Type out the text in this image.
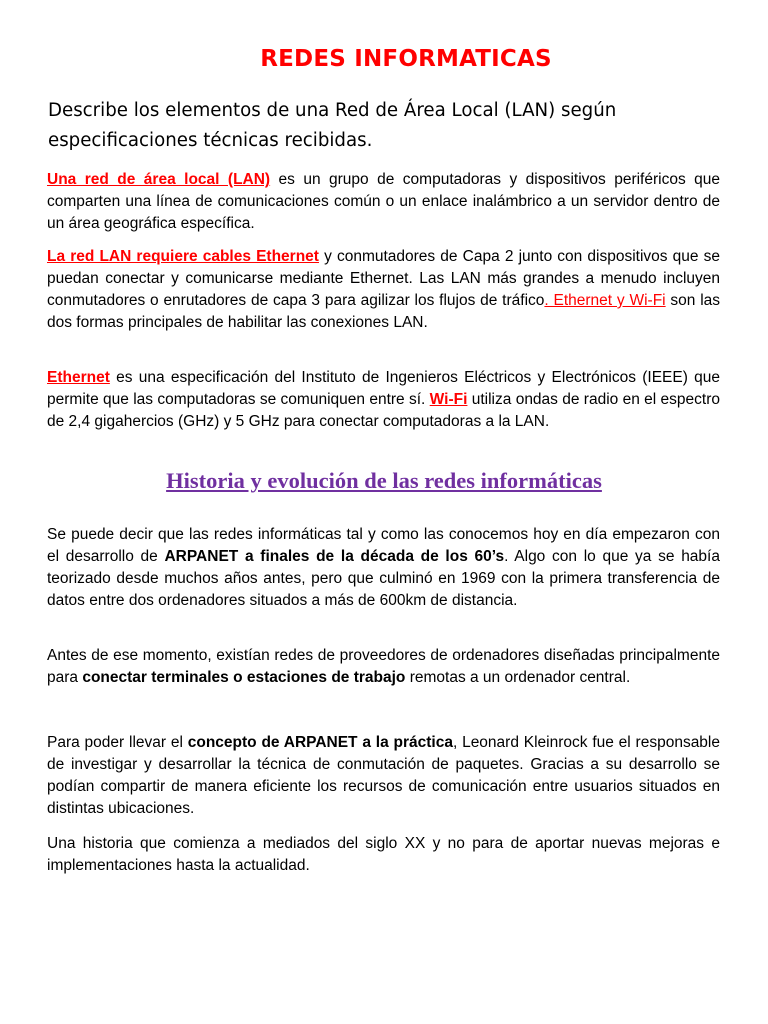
REDES INFORMATICAS
Describe los elementos de una Red de Área Local (LAN) según especificaciones técnicas recibidas.
Una red de área local (LAN) es un grupo de computadoras y dispositivos periféricos que comparten una línea de comunicaciones común o un enlace inalámbrico a un servidor dentro de un área geográfica específica.
La red LAN requiere cables Ethernet y conmutadores de Capa 2 junto con dispositivos que se puedan conectar y comunicarse mediante Ethernet. Las LAN más grandes a menudo incluyen conmutadores o enrutadores de capa 3 para agilizar los flujos de tráfico. Ethernet y Wi-Fi son las dos formas principales de habilitar las conexiones LAN.
Ethernet es una especificación del Instituto de Ingenieros Eléctricos y Electrónicos (IEEE) que permite que las computadoras se comuniquen entre sí. Wi-Fi utiliza ondas de radio en el espectro de 2,4 gigahercios (GHz) y 5 GHz para conectar computadoras a la LAN.
Historia y evolución de las redes informáticas
Se puede decir que las redes informáticas tal y como las conocemos hoy en día empezaron con el desarrollo de ARPANET a finales de la década de los 60’s. Algo con lo que ya se había teorizado desde muchos años antes, pero que culminó en 1969 con la primera transferencia de datos entre dos ordenadores situados a más de 600km de distancia.
Antes de ese momento, existían redes de proveedores de ordenadores diseñadas principalmente para conectar terminales o estaciones de trabajo remotas a un ordenador central.
Para poder llevar el concepto de ARPANET a la práctica, Leonard Kleinrock fue el responsable de investigar y desarrollar la técnica de conmutación de paquetes. Gracias a su desarrollo se podían compartir de manera eficiente los recursos de comunicación entre usuarios situados en distintas ubicaciones.
Una historia que comienza a mediados del siglo XX y no para de aportar nuevas mejoras e implementaciones hasta la actualidad.
